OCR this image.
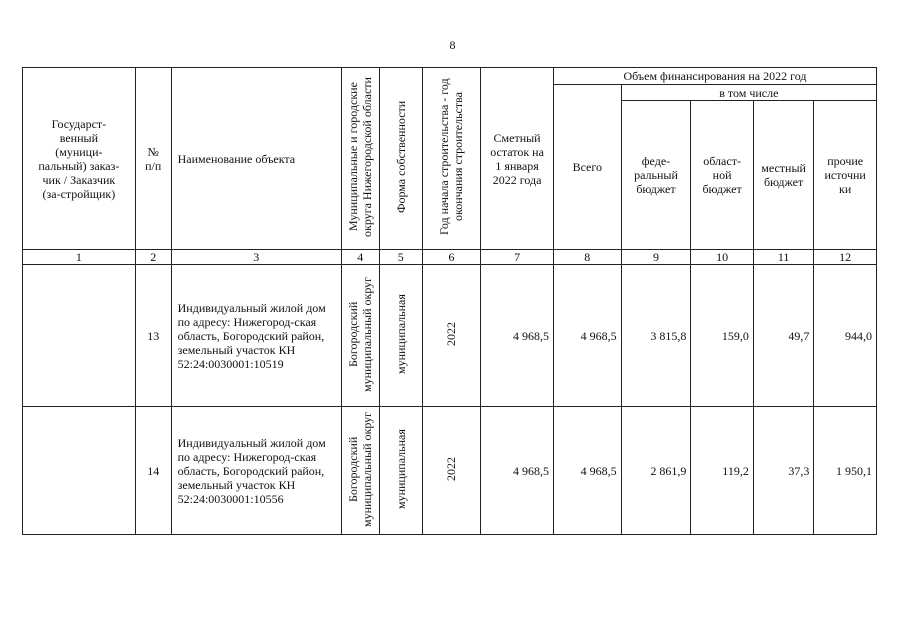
8
Государст-венный (муници-пальный) заказ-чик / Заказчик (за-стройщик)	№ п/п	Наименование объекта	Муниципальные и городские округа Нижегородской области	Форма собственности	Год начала строительства - год окончания строительства	Сметный остаток на 1 января 2022 года	Объем финансирования на 2022 год				
							Всего	в том числе			
								феде-ральный бюджет	област-ной бюджет	местный бюджет	прочие источни ки
1	2	3	4	5	6	7	8	9	10	11	12
	13	Индивидуальный жилой дом по адресу: Нижегород-ская область, Богородский район, земельный участок КН 52:24:0030001:10519	Богородский муниципальный округ	муниципальная	2022	4 968,5	4 968,5	3 815,8	159,0	49,7	944,0
	14	Индивидуальный жилой дом по адресу: Нижегород-ская область, Богородский район, земельный участок КН 52:24:0030001:10556	Богородский муниципальный округ	муниципальная	2022	4 968,5	4 968,5	2 861,9	119,2	37,3	1 950,1
